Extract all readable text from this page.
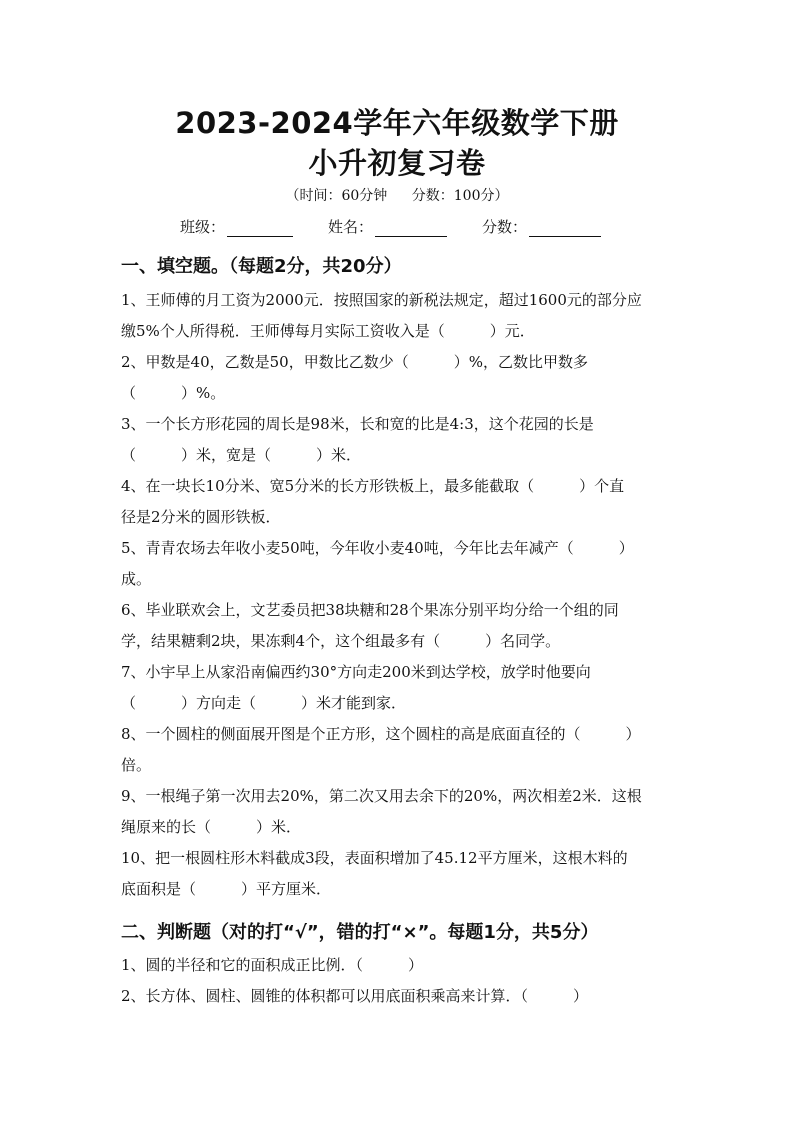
2023-2024学年六年级数学下册
小升初复习卷
（时间：60分钟 分数：100分）
班级：	姓名：	分数：
一、填空题。（每题2分，共20分）

1、王师傅的月工资为2000元．按照国家的新税法规定，超过1600元的部分应

缴5%个人所得税．王师傅每月实际工资收入是（　　　）元．

2、甲数是40，乙数是50，甲数比乙数少（　　　）%，乙数比甲数多

（　　　）%。

3、一个长方形花园的周长是98米，长和宽的比是4:3，这个花园的长是

（　　　）米，宽是（　　　）米．

4、在一块长10分米、宽5分米的长方形铁板上，最多能截取（　　　）个直

径是2分米的圆形铁板．

5、青青农场去年收小麦50吨，今年收小麦40吨，今年比去年减产（　　　）

成。

6、毕业联欢会上，文艺委员把38块糖和28个果冻分别平均分给一个组的同

学，结果糖剩2块，果冻剩4个，这个组最多有（　　　）名同学。

7、小宇早上从家沿南偏西约30°方向走200米到达学校，放学时他要向

（　　　）方向走（　　　）米才能到家．

8、一个圆柱的侧面展开图是个正方形，这个圆柱的高是底面直径的（　　　）

倍。

9、一根绳子第一次用去20%，第二次又用去余下的20%，两次相差2米．这根

绳原来的长（　　　）米．

10、把一根圆柱形木料截成3段，表面积增加了45.12平方厘米，这根木料的

底面积是（　　　）平方厘米．

二、判断题（对的打“√”，错的打“×”。每题1分，共5分）

1、圆的半径和它的面积成正比例．（　　　）

2、长方体、圆柱、圆锥的体积都可以用底面积乘高来计算．（　　　）
